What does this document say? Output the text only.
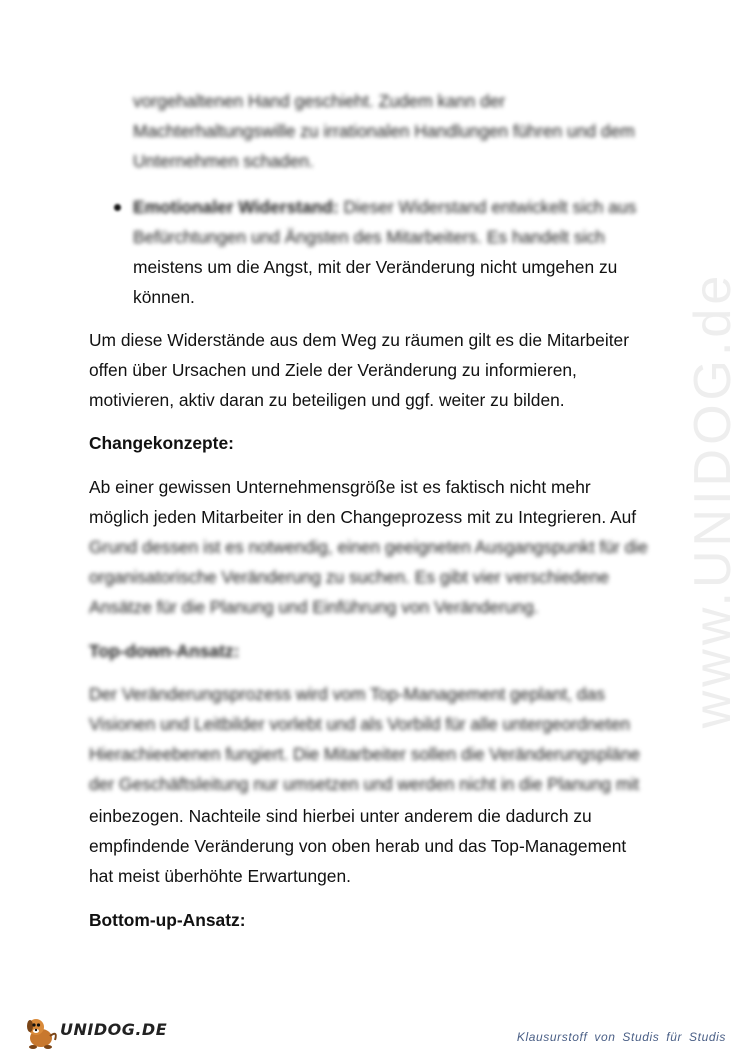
www.UNIDOG.de
vorgehaltenen Hand geschieht. Zudem kann der
Machterhaltungswille zu irrationalen Handlungen führen und dem
Unternehmen schaden.
Emotionaler Widerstand: Dieser Widerstand entwickelt sich aus
Befürchtungen und Ängsten des Mitarbeiters. Es handelt sich
meistens um die Angst, mit der Veränderung nicht umgehen zu
können.
Um diese Widerstände aus dem Weg zu räumen gilt es die Mitarbeiter
offen über Ursachen und Ziele der Veränderung zu informieren,
motivieren, aktiv daran zu beteiligen und ggf. weiter zu bilden.
Changekonzepte:
Ab einer gewissen Unternehmensgröße ist es faktisch nicht mehr
möglich jeden Mitarbeiter in den Changeprozess mit zu Integrieren. Auf
Grund dessen ist es notwendig, einen geeigneten Ausgangspunkt für die
organisatorische Veränderung zu suchen. Es gibt vier verschiedene
Ansätze für die Planung und Einführung von Veränderung.
Top-down-Ansatz:
Der Veränderungsprozess wird vom Top-Management geplant, das
Visionen und Leitbilder vorlebt und als Vorbild für alle untergeordneten
Hierachieebenen fungiert. Die Mitarbeiter sollen die Veränderungspläne
der Geschäftsleitung nur umsetzen und werden nicht in die Planung mit
einbezogen. Nachteile sind hierbei unter anderem die dadurch zu
empfindende Veränderung von oben herab und das Top-Management
hat meist überhöhte Erwartungen.
Bottom-up-Ansatz:
UNIDOG.DE	Klausurstoff von Studis für Studis
